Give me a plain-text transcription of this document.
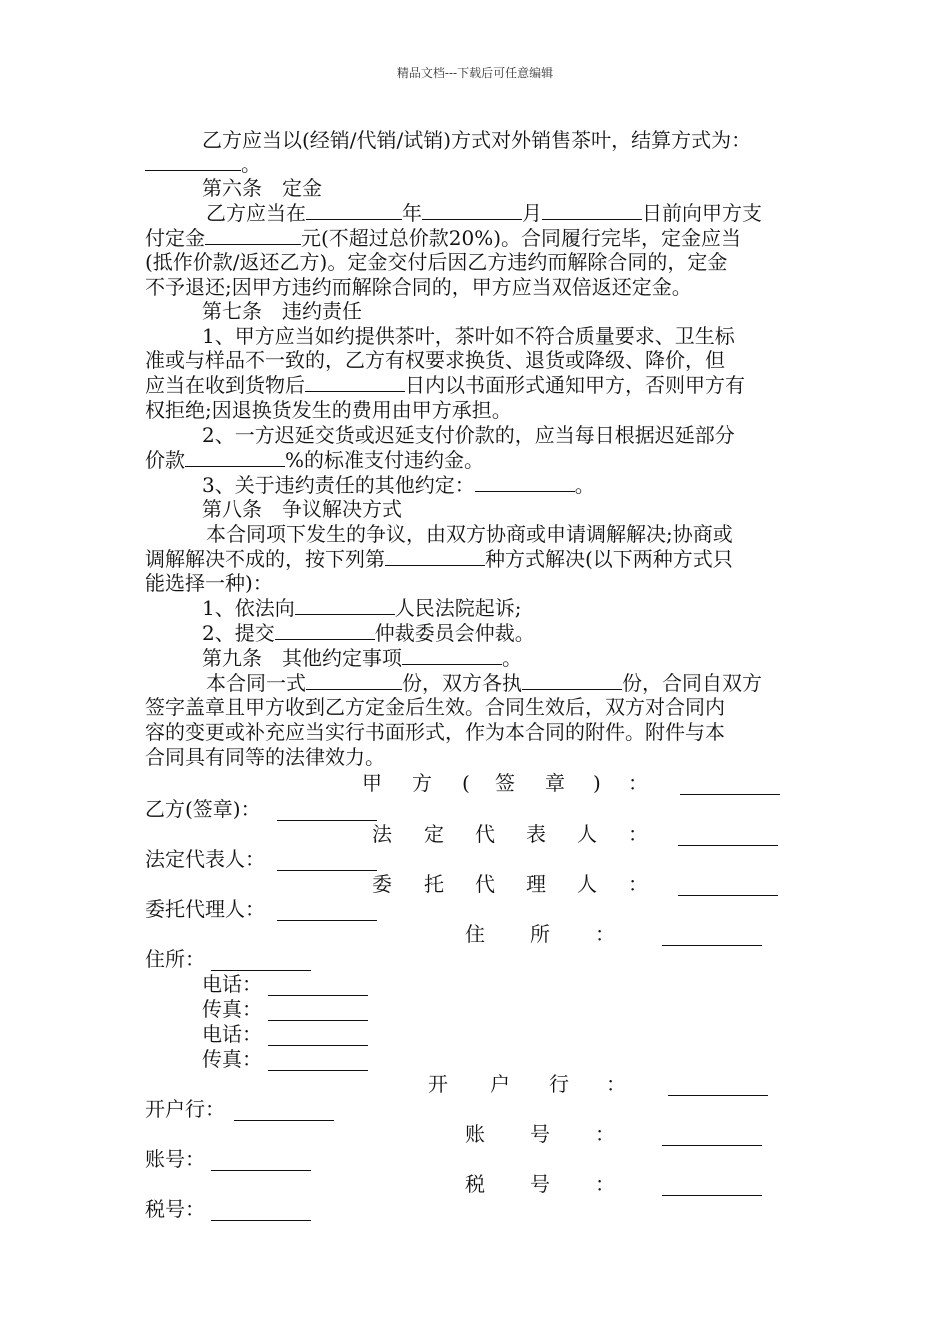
精品文档---下载后可任意编辑
乙方应当以(经销/代销/试销)方式对外销售茶叶，结算方式为：
。
第六条　定金
乙方应当在	年	月	日前向甲方支
付定金	元(不超过总价款20%)。合同履行完毕，定金应当
(抵作价款/返还乙方)。定金交付后因乙方违约而解除合同的，定金
不予退还;因甲方违约而解除合同的，甲方应当双倍返还定金。
第七条　违约责任
1、甲方应当如约提供茶叶，茶叶如不符合质量要求、卫生标
准或与样品不一致的，乙方有权要求换货、退货或降级、降价，但
应当在收到货物后	日内以书面形式通知甲方，否则甲方有
权拒绝;因退换货发生的费用由甲方承担。
2、一方迟延交货或迟延支付价款的，应当每日根据迟延部分
价款	%的标准支付违约金。
3、关于违约责任的其他约定：	。
第八条　争议解决方式
本合同项下发生的争议，由双方协商或申请调解解决;协商或
调解解决不成的，按下列第	种方式解决(以下两种方式只
能选择一种)：
1、依法向	人民法院起诉;
2、提交	仲裁委员会仲裁。
第九条　其他约定事项	。
本合同一式	份，双方各执	份，合同自双方
签字盖章且甲方收到乙方定金后生效。合同生效后，双方对合同内
容的变更或补充应当实行书面形式，作为本合同的附件。附件与本
合同具有同等的法律效力。
甲 方 ( 签 章 ) ：
乙方(签章)：
法 定 代 表 人 ：
法定代表人：
委 托 代 理 人 ：
委托代理人：
住 所 ：
住所：
电话：
传真：
电话：
传真：
开 户 行 ：
开户行：
账 号 ：
账号：
税 号 ：
税号：
